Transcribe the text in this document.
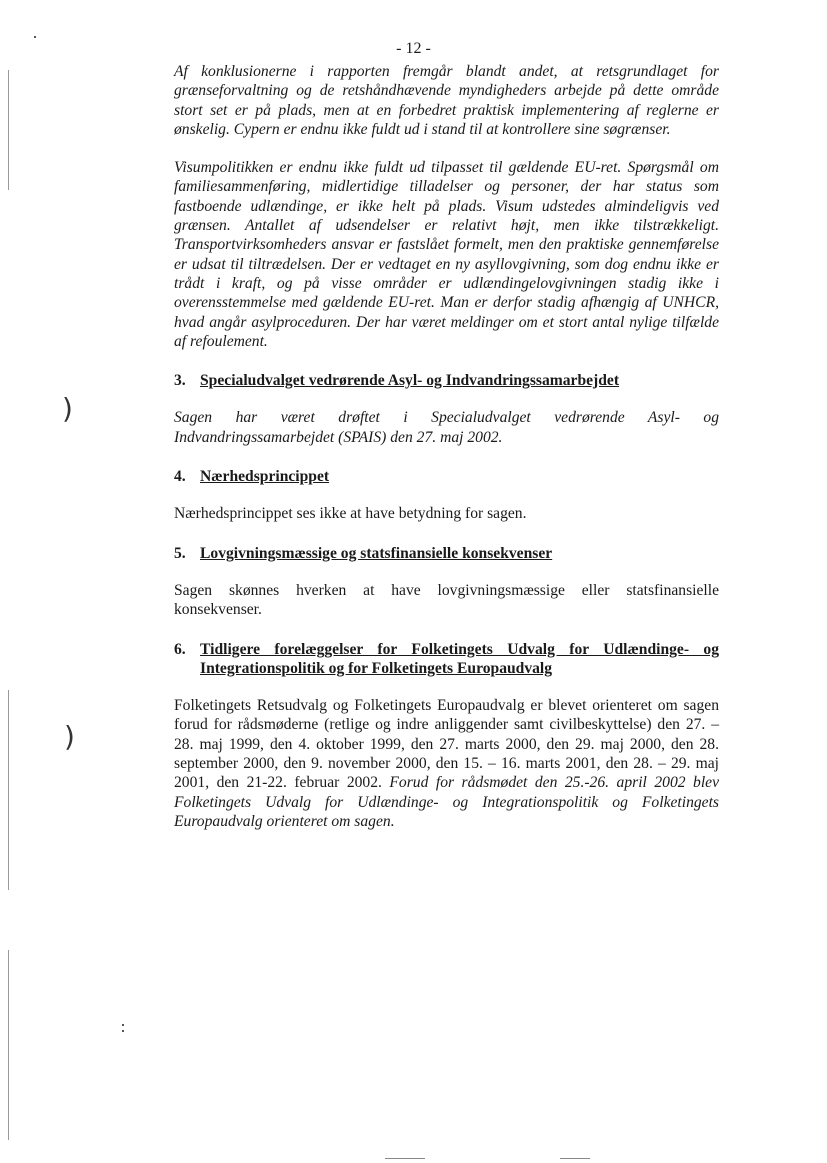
)
)
- 12 -

Af konklusionerne i rapporten fremgår blandt andet, at retsgrundlaget for grænseforvaltning og de retshåndhævende myndigheders arbejde på dette område stort set er på plads, men at en forbedret praktisk implementering af reglerne er ønskelig. Cypern er endnu ikke fuldt ud i stand til at kontrollere sine søgrænser.

Visumpolitikken er endnu ikke fuldt ud tilpasset til gældende EU-ret. Spørgsmål om familiesammenføring, midlertidige tilladelser og personer, der har status som fastboende udlændinge, er ikke helt på plads. Visum udstedes almindeligvis ved grænsen. Antallet af udsendelser er relativt højt, men ikke tilstrækkeligt. Transportvirksomheders ansvar er fastslået formelt, men den praktiske gennemførelse er udsat til tiltrædelsen. Der er vedtaget en ny asyllovgivning, som dog endnu ikke er trådt i kraft, og på visse områder er udlændingelovgivningen stadig ikke i overensstemmelse med gældende EU-ret. Man er derfor stadig afhængig af UNHCR, hvad angår asylproceduren. Der har været meldinger om et stort antal nylige tilfælde af refoulement.

3. Specialudvalget vedrørende Asyl- og Indvandringssamarbejdet

Sagen har været drøftet i Specialudvalget vedrørende Asyl- og Indvandringssamarbejdet (SPAIS) den 27. maj 2002.

4. Nærhedsprincippet

Nærhedsprincippet ses ikke at have betydning for sagen.

5. Lovgivningsmæssige og statsfinansielle konsekvenser

Sagen skønnes hverken at have lovgivningsmæssige eller statsfinansielle konsekvenser.

6. Tidligere forelæggelser for Folketingets Udvalg for Udlændinge- og Integrationspolitik og for Folketingets Europaudvalg

Folketingets Retsudvalg og Folketingets Europaudvalg er blevet orienteret om sagen forud for rådsmøderne (retlige og indre anliggender samt civilbeskyttelse) den 27. – 28. maj 1999, den 4. oktober 1999, den 27. marts 2000, den 29. maj 2000, den 28. september 2000, den 9. november 2000, den 15. – 16. marts 2001, den 28. – 29. maj 2001, den 21-22. februar 2002. Forud for rådsmødet den 25.-26. april 2002 blev Folketingets Udvalg for Udlændinge- og Integrationspolitik og Folketingets Europaudvalg orienteret om sagen.
